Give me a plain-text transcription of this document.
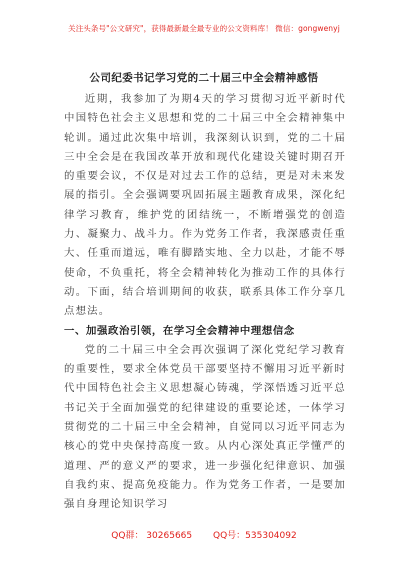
关注头条号"公文研究"，获得最新最全最专业的公文资料库！ 微信：gongwenyj
公司纪委书记学习党的二十届三中全会精神感悟

近期，我参加了为期4天的学习贯彻习近平新时代中国特色社会主义思想和党的二十届三中全会精神集中轮训。通过此次集中培训，我深刻认识到，党的二十届三中全会是在我国改革开放和现代化建设关键时期召开的重要会议，不仅是对过去工作的总结，更是对未来发展的指引。全会强调要巩固拓展主题教育成果，深化纪律学习教育，维护党的团结统一，不断增强党的创造力、凝聚力、战斗力。作为党务工作者，我深感责任重大、任重而道远，唯有脚踏实地、全力以赴，才能不辱使命，不负重托，将全会精神转化为推动工作的具体行动。下面，结合培训期间的收获，联系具体工作分享几点想法。

一、加强政治引领，在学习全会精神中理想信念

党的二十届三中全会再次强调了深化党纪学习教育的重要性，要求全体党员干部要坚持不懈用习近平新时代中国特色社会主义思想凝心铸魂，学深悟透习近平总书记关于全面加强党的纪律建设的重要论述，一体学习贯彻党的二十届三中全会精神，自觉同以习近平同志为核心的党中央保持高度一致。从内心深处真正学懂严的道理、严的意义严的要求，进一步强化纪律意识、加强自我约束、提高免疫能力。作为党务工作者，一是要加强自身理论知识学习

QQ群： 30265665 QQ号：535304092
